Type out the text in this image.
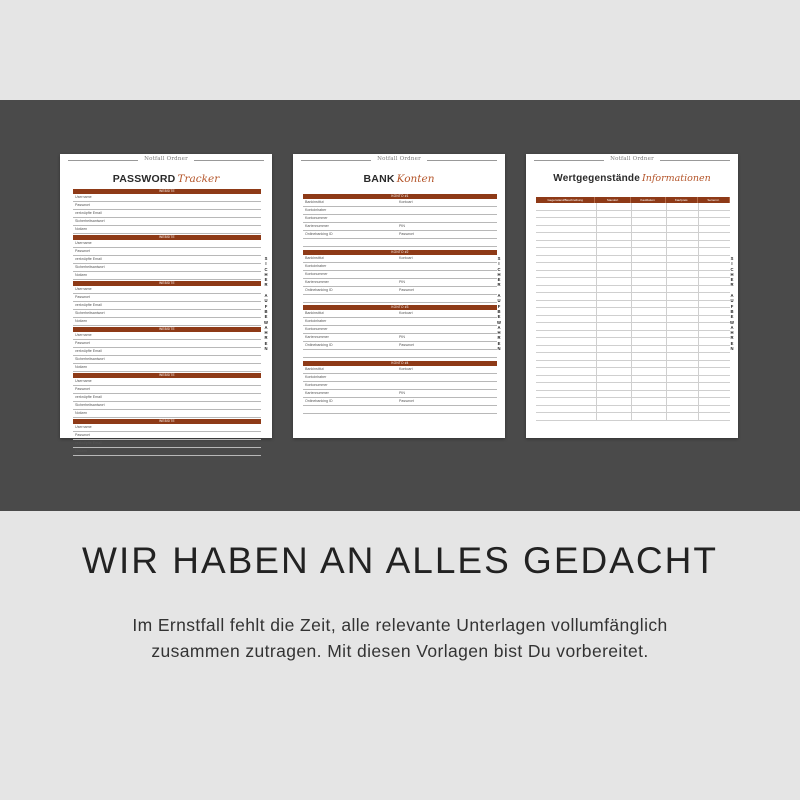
Notfall Ordner
PASSWORD Tracker
WEBSITE
Username
Passwort
verknüpfte Email
Sicherheitsantwort
Notizen
WEBSITE
Username
Passwort
verknüpfte Email
Sicherheitsantwort
Notizen
WEBSITE
Username
Passwort
verknüpfte Email
Sicherheitsantwort
Notizen
WEBSITE
Username
Passwort
verknüpfte Email
Sicherheitsantwort
Notizen
WEBSITE
Username
Passwort
verknüpfte Email
Sicherheitsantwort
Notizen
WEBSITE
Username
Passwort
verknüpfte Email
Notizen
S
I
C
H
E
R

A
U
F
B
E
W
A
H
R
E
N
Notfall Ordner
BANK Konten
KONTO #1
Bankinstitut	Kontoart
Kontoinhaber
Kontonummer
Kartennummer	PIN
Onlinebanking ID	Passwort
KONTO #2
Bankinstitut	Kontoart
Kontoinhaber
Kontonummer
Kartennummer	PIN
Onlinebanking ID	Passwort
KONTO #3
Bankinstitut	Kontoart
Kontoinhaber
Kontonummer
Kartennummer	PIN
Onlinebanking ID	Passwort
KONTO #4
Bankinstitut	Kontoart
Kontoinhaber
Kontonummer
Kartennummer	PIN
Onlinebanking ID	Passwort
S
I
C
H
E
R

A
U
F
B
E
W
A
H
R
E
N
Notfall Ordner
Wertgegenstände Informationen
Gegenstand/Beschreibung	Standort	Kaufdatum	Kaufpreis	Seriennr.
S
I
C
H
E
R

A
U
F
B
E
W
A
H
R
E
N
WIR HABEN AN ALLES GEDACHT
Im Ernstfall fehlt die Zeit, alle relevante Unterlagen vollumfänglich
zusammen zutragen. Mit diesen Vorlagen bist Du vorbereitet.
